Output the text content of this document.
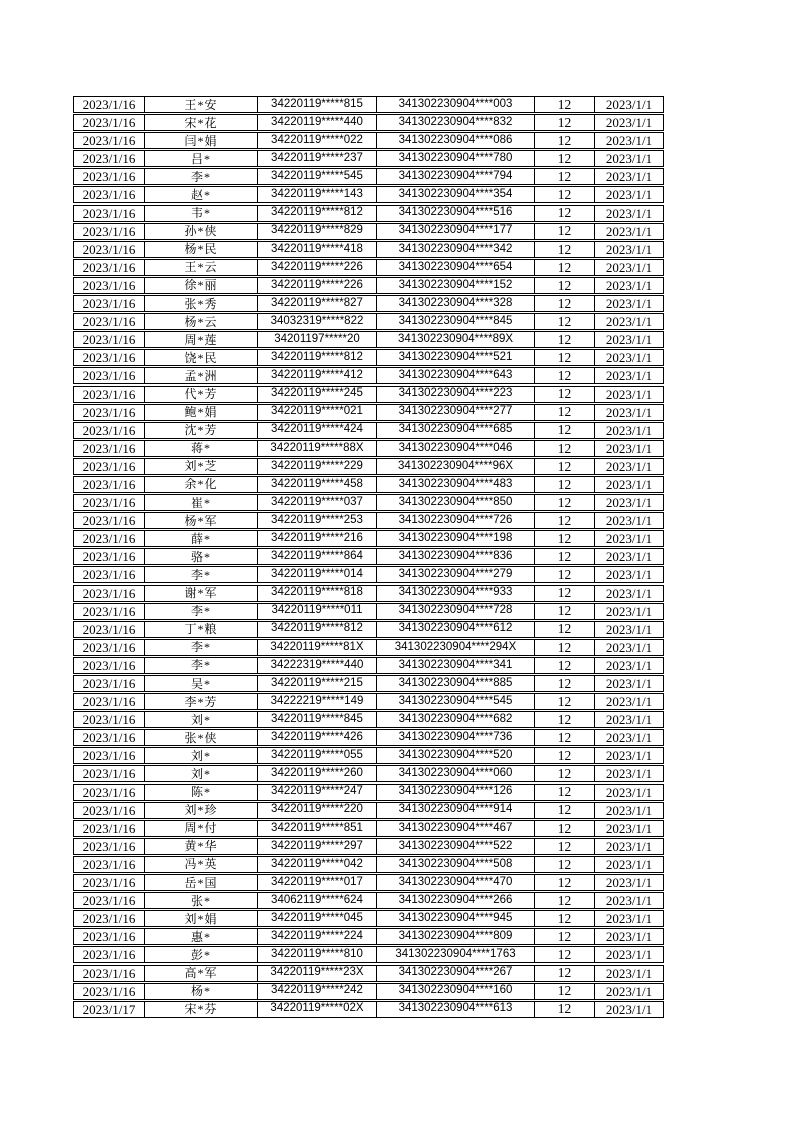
2023/1/16	王*安	34220119*****815	341302230904****003	12	2023/1/1
2023/1/16	宋*花	34220119*****440	341302230904****832	12	2023/1/1
2023/1/16	闫*娟	34220119*****022	341302230904****086	12	2023/1/1
2023/1/16	吕*	34220119*****237	341302230904****780	12	2023/1/1
2023/1/16	李*	34220119*****545	341302230904****794	12	2023/1/1
2023/1/16	赵*	34220119*****143	341302230904****354	12	2023/1/1
2023/1/16	韦*	34220119*****812	341302230904****516	12	2023/1/1
2023/1/16	孙*侠	34220119*****829	341302230904****177	12	2023/1/1
2023/1/16	杨*民	34220119*****418	341302230904****342	12	2023/1/1
2023/1/16	王*云	34220119*****226	341302230904****654	12	2023/1/1
2023/1/16	徐*丽	34220119*****226	341302230904****152	12	2023/1/1
2023/1/16	张*秀	34220119*****827	341302230904****328	12	2023/1/1
2023/1/16	杨*云	34032319*****822	341302230904****845	12	2023/1/1
2023/1/16	周*莲	34201197*****20	341302230904****89X	12	2023/1/1
2023/1/16	饶*民	34220119*****812	341302230904****521	12	2023/1/1
2023/1/16	孟*洲	34220119*****412	341302230904****643	12	2023/1/1
2023/1/16	代*芳	34220119*****245	341302230904****223	12	2023/1/1
2023/1/16	鲍*娟	34220119*****021	341302230904****277	12	2023/1/1
2023/1/16	沈*芳	34220119*****424	341302230904****685	12	2023/1/1
2023/1/16	蒋*	34220119*****88X	341302230904****046	12	2023/1/1
2023/1/16	刘*芝	34220119*****229	341302230904****96X	12	2023/1/1
2023/1/16	余*化	34220119*****458	341302230904****483	12	2023/1/1
2023/1/16	崔*	34220119*****037	341302230904****850	12	2023/1/1
2023/1/16	杨*军	34220119*****253	341302230904****726	12	2023/1/1
2023/1/16	薛*	34220119*****216	341302230904****198	12	2023/1/1
2023/1/16	骆*	34220119*****864	341302230904****836	12	2023/1/1
2023/1/16	李*	34220119*****014	341302230904****279	12	2023/1/1
2023/1/16	谢*军	34220119*****818	341302230904****933	12	2023/1/1
2023/1/16	李*	34220119*****011	341302230904****728	12	2023/1/1
2023/1/16	丁*粮	34220119*****812	341302230904****612	12	2023/1/1
2023/1/16	李*	34220119*****81X	341302230904****294X	12	2023/1/1
2023/1/16	李*	34222319*****440	341302230904****341	12	2023/1/1
2023/1/16	吴*	34220119*****215	341302230904****885	12	2023/1/1
2023/1/16	李*芳	34222219*****149	341302230904****545	12	2023/1/1
2023/1/16	刘*	34220119*****845	341302230904****682	12	2023/1/1
2023/1/16	张*侠	34220119*****426	341302230904****736	12	2023/1/1
2023/1/16	刘*	34220119*****055	341302230904****520	12	2023/1/1
2023/1/16	刘*	34220119*****260	341302230904****060	12	2023/1/1
2023/1/16	陈*	34220119*****247	341302230904****126	12	2023/1/1
2023/1/16	刘*珍	34220119*****220	341302230904****914	12	2023/1/1
2023/1/16	周*付	34220119*****851	341302230904****467	12	2023/1/1
2023/1/16	黄*华	34220119*****297	341302230904****522	12	2023/1/1
2023/1/16	冯*英	34220119*****042	341302230904****508	12	2023/1/1
2023/1/16	岳*国	34220119*****017	341302230904****470	12	2023/1/1
2023/1/16	张*	34062119*****624	341302230904****266	12	2023/1/1
2023/1/16	刘*娟	34220119*****045	341302230904****945	12	2023/1/1
2023/1/16	惠*	34220119*****224	341302230904****809	12	2023/1/1
2023/1/16	彭*	34220119*****810	341302230904****1763	12	2023/1/1
2023/1/16	高*军	34220119*****23X	341302230904****267	12	2023/1/1
2023/1/16	杨*	34220119*****242	341302230904****160	12	2023/1/1
2023/1/17	宋*芬	34220119*****02X	341302230904****613	12	2023/1/1
